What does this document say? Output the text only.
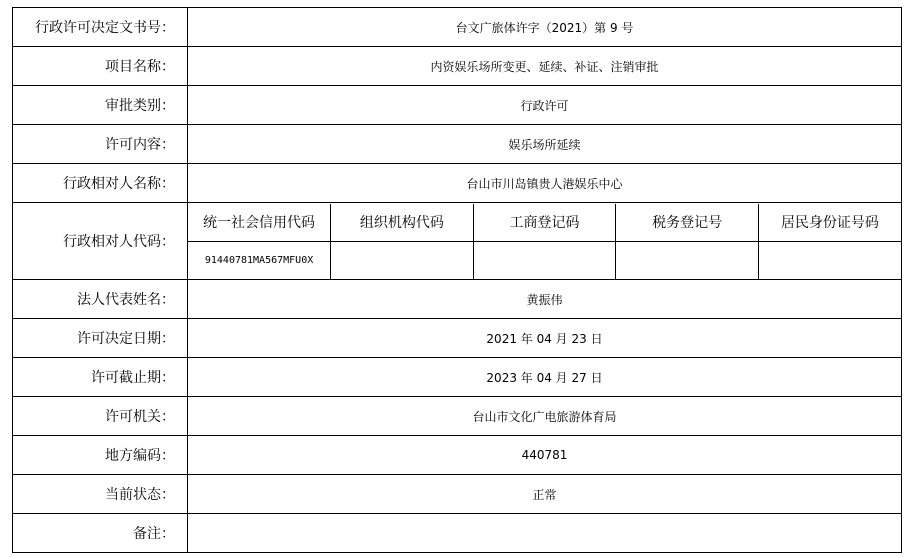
行政许可决定文书号：	台文广旅体许字（2021）第 9 号
项目名称：	内资娱乐场所变更、延续、补证、注销审批
审批类别：	行政许可
许可内容：	娱乐场所延续
行政相对人名称：	台山市川岛镇贵人港娱乐中心
行政相对人代码：	
统一社会信用代码	组织机构代码	工商登记码	税务登记号	居民身份证号码
91440781MA567MFU0X				

法人代表姓名：	黄振伟
许可决定日期：	2021 年 04 月 23 日
许可截止期：	2023 年 04 月 27 日
许可机关：	台山市文化广电旅游体育局
地方编码：	440781
当前状态：	正常
备注：	
